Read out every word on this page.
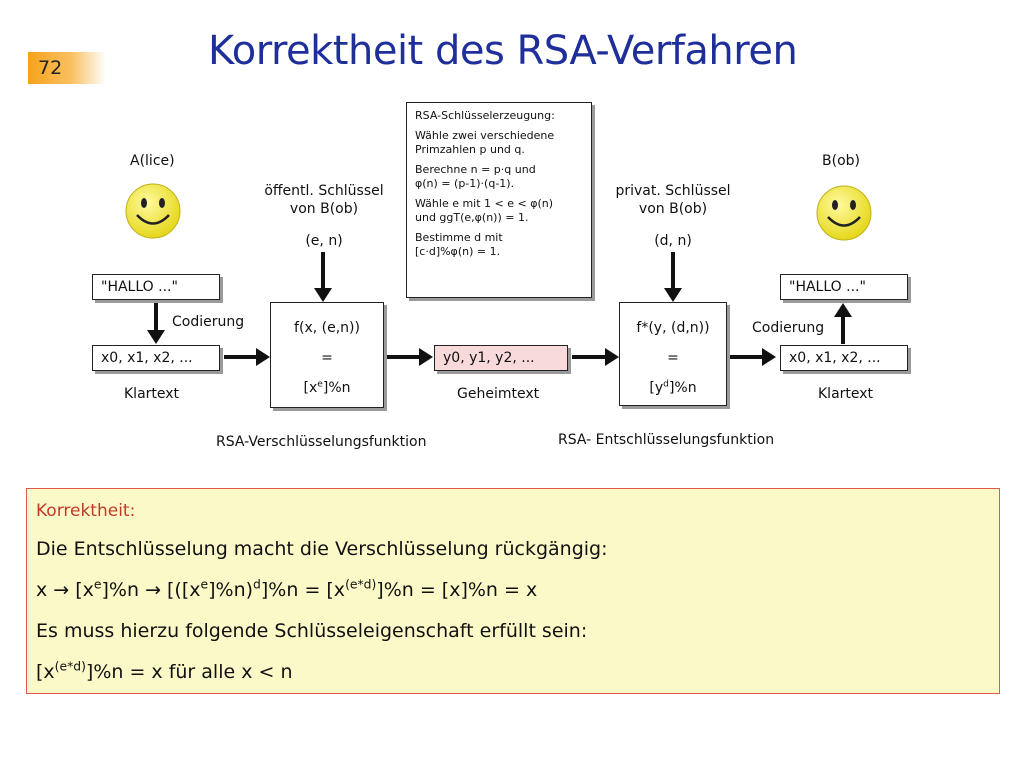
72	Korrektheit des RSA-Verfahren
A(lice)	B(ob)
öffentl. Schlüssel
von B(ob)
(e, n)
privat. Schlüssel
von B(ob)
(d, n)

RSA-Schlüsselerzeugung:

Wähle zwei verschiedene
Primzahlen p und q.

Berechne n = p·q und
φ(n) = (p-1)·(q-1).

Wähle e mit 1 < e < φ(n)
und ggT(e,φ(n)) = 1.

Bestimme d mit
[c·d]%φ(n) = 1.

"HALLO ..."	"HALLO ..."
Codierung	Codierung
x0, x1, x2, ...	x0, x1, x2, ...
Klartext	Klartext
f(x, (e,n))
=
$[x^e]\%n$
RSA-Verschlüsselungsfunktion
y0, y1, y2, ...
Geheimtext
f*(y, (d,n))
=
$[y^d]\%n$
RSA- Entschlüsselungsfunktion
Korrektheit:
Die Entschlüsselung macht die Verschlüsselung rückgängig:
$x \to [x^e]\%n \to [([x^e]\%n)^d]\%n = [x^{(e*d)}]\%n = [x]\%n = x$
Es muss hierzu folgende Schlüsseleigenschaft erfüllt sein:
$[x^{(e*d)}]\%n = x$ für alle x < n
